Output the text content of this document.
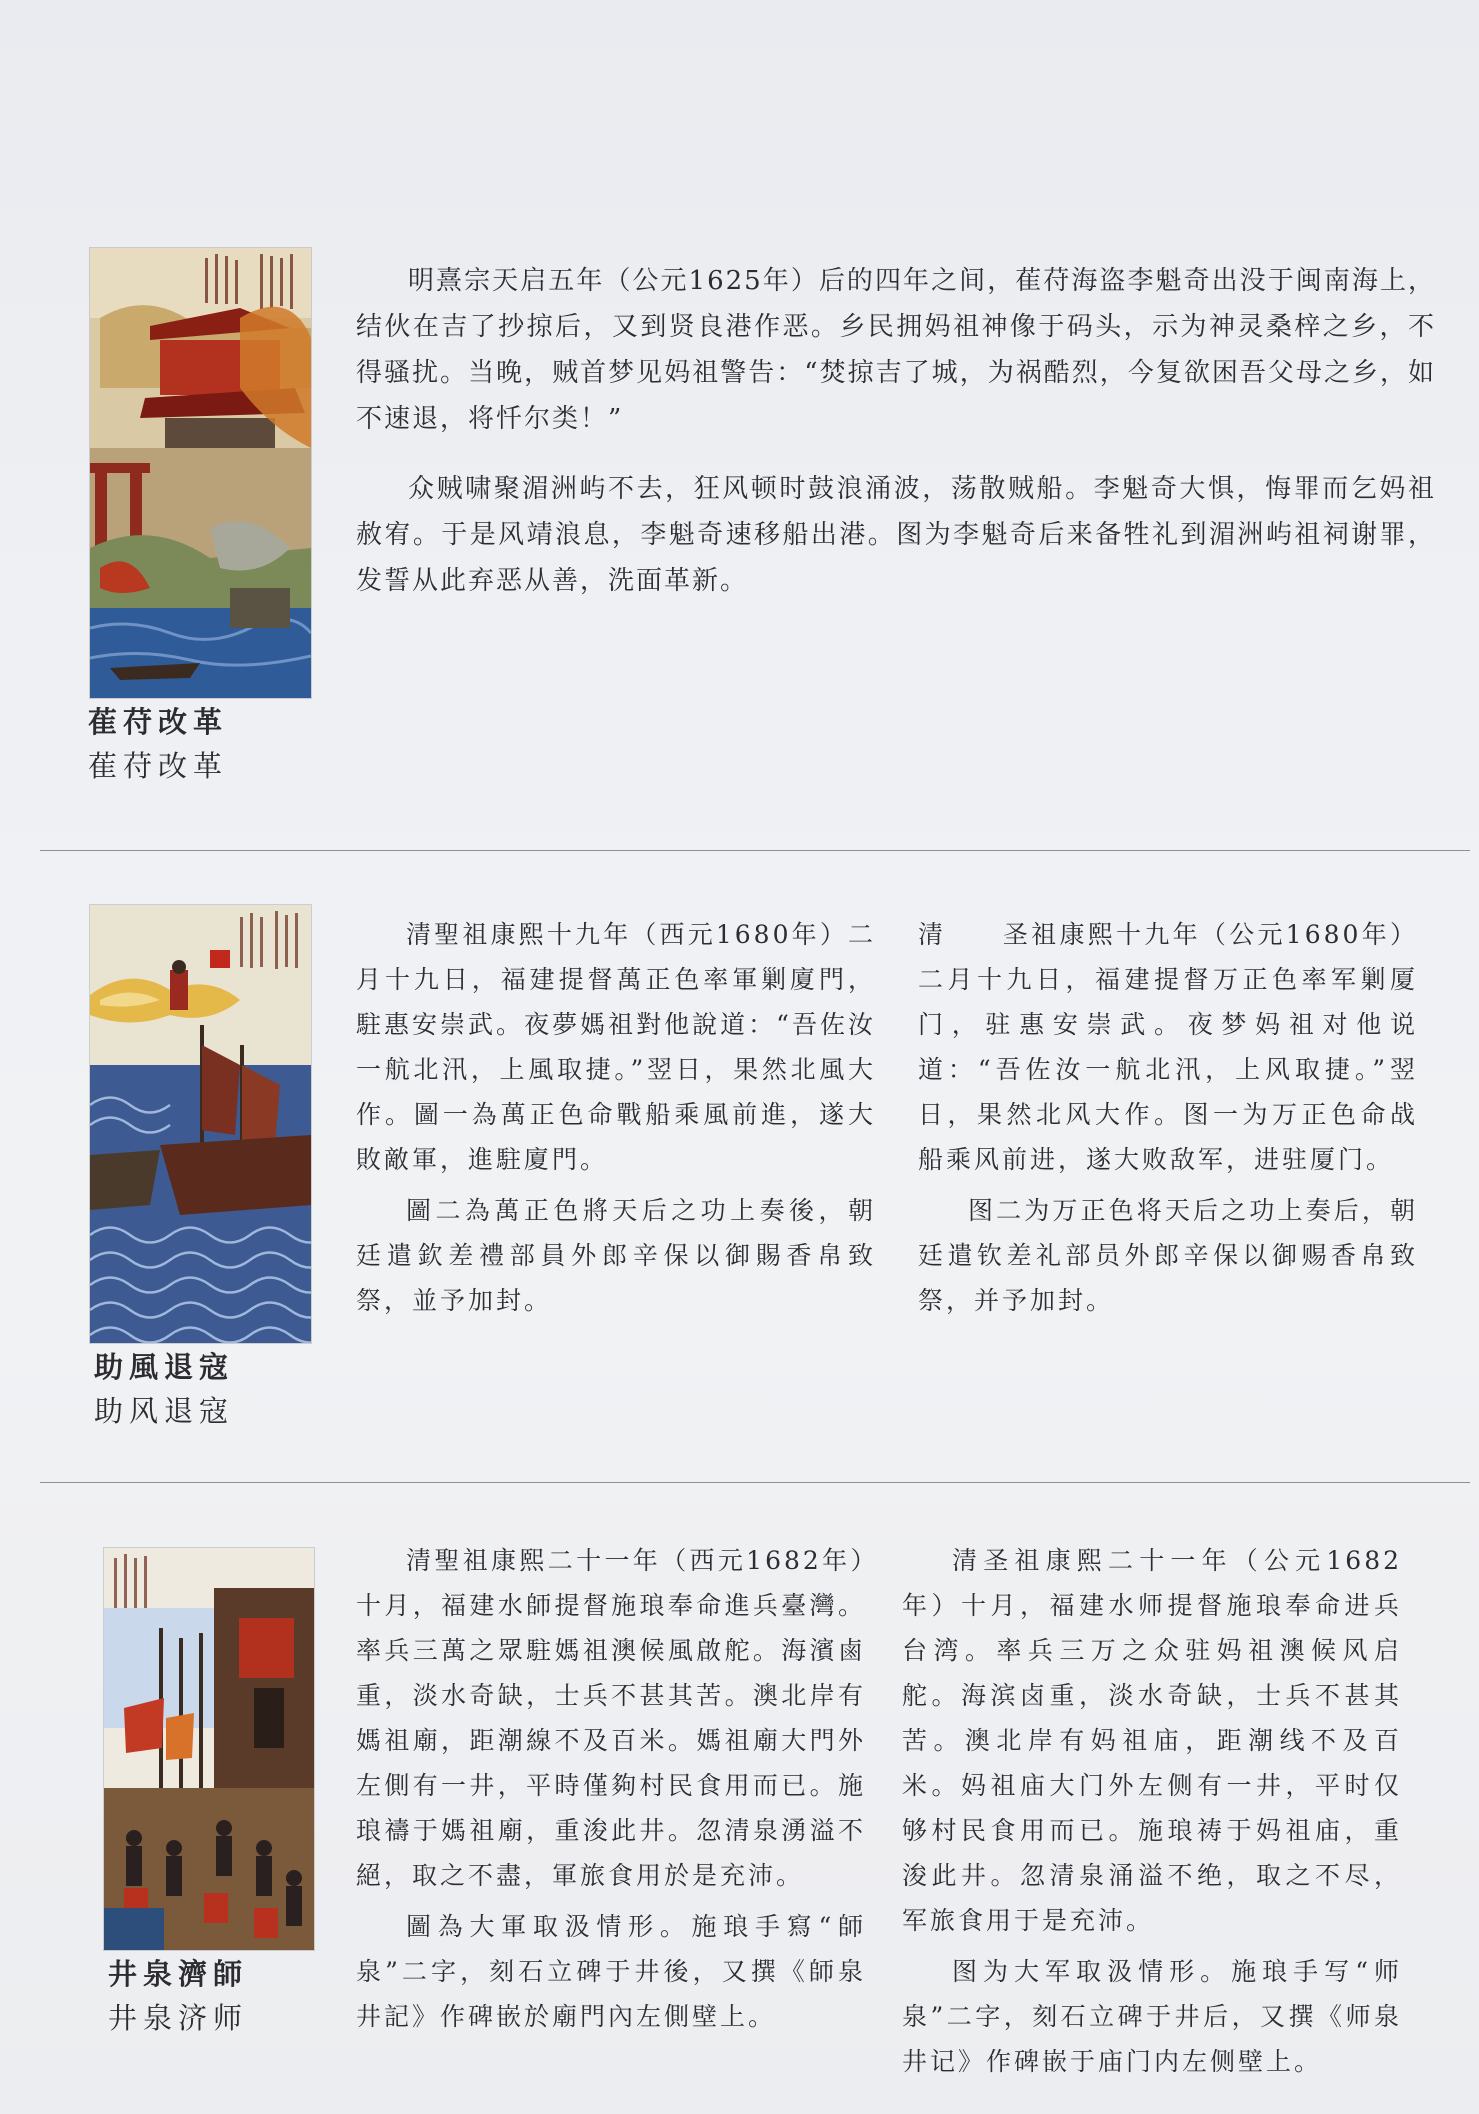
萑苻改革
萑苻改革

明熹宗天启五年（公元1625年）后的四年之间，萑苻海盗李魁奇出没于闽南海上，结伙在吉了抄掠后，又到贤良港作恶。乡民拥妈祖神像于码头，示为神灵桑梓之乡，不得骚扰。当晚，贼首梦见妈祖警告：“焚掠吉了城，为祸酷烈，今复欲困吾父母之乡，如不速退，将忏尔类！”

众贼啸聚湄洲屿不去，狂风顿时鼓浪涌波，荡散贼船。李魁奇大惧，悔罪而乞妈祖赦宥。于是风靖浪息，李魁奇速移船出港。图为李魁奇后来备牲礼到湄洲屿祖祠谢罪，发誓从此弃恶从善，洗面革新。

助風退寇
助风退寇

清聖祖康熙十九年（西元1680年）二月十九日，福建提督萬正色率軍剿廈門，駐惠安崇武。夜夢媽祖對他說道：“吾佐汝一航北汛，上風取捷。”翌日，果然北風大作。圖一為萬正色命戰船乘風前進，遂大敗敵軍，進駐廈門。

圖二為萬正色將天后之功上奏後，朝廷遣欽差禮部員外郎辛保以御賜香帛致祭，並予加封。

清　　圣祖康熙十九年（公元1680年）二月十九日，福建提督万正色率军剿厦门，驻惠安崇武。夜梦妈祖对他说道：“吾佐汝一航北汛，上风取捷。”翌日，果然北风大作。图一为万正色命战船乘风前进，遂大败敌军，进驻厦门。

图二为万正色将天后之功上奏后，朝廷遣钦差礼部员外郎辛保以御赐香帛致祭，并予加封。

井泉濟師
井泉济师

清聖祖康熙二十一年（西元1682年）十月，福建水師提督施琅奉命進兵臺灣。率兵三萬之眾駐媽祖澳候風啟舵。海濱鹵重，淡水奇缺，士兵不甚其苦。澳北岸有媽祖廟，距潮線不及百米。媽祖廟大門外左側有一井，平時僅夠村民食用而已。施琅禱于媽祖廟，重浚此井。忽清泉湧溢不絕，取之不盡，軍旅食用於是充沛。

圖為大軍取汲情形。施琅手寫“師泉”二字，刻石立碑于井後，又撰《師泉井記》作碑嵌於廟門內左側壁上。

清圣祖康熙二十一年（公元1682年）十月，福建水师提督施琅奉命进兵台湾。率兵三万之众驻妈祖澳候风启舵。海滨卤重，淡水奇缺，士兵不甚其苦。澳北岸有妈祖庙，距潮线不及百米。妈祖庙大门外左侧有一井，平时仅够村民食用而已。施琅祷于妈祖庙，重浚此井。忽清泉涌溢不绝，取之不尽，军旅食用于是充沛。

图为大军取汲情形。施琅手写“师泉”二字，刻石立碑于井后，又撰《师泉井记》作碑嵌于庙门内左侧壁上。
